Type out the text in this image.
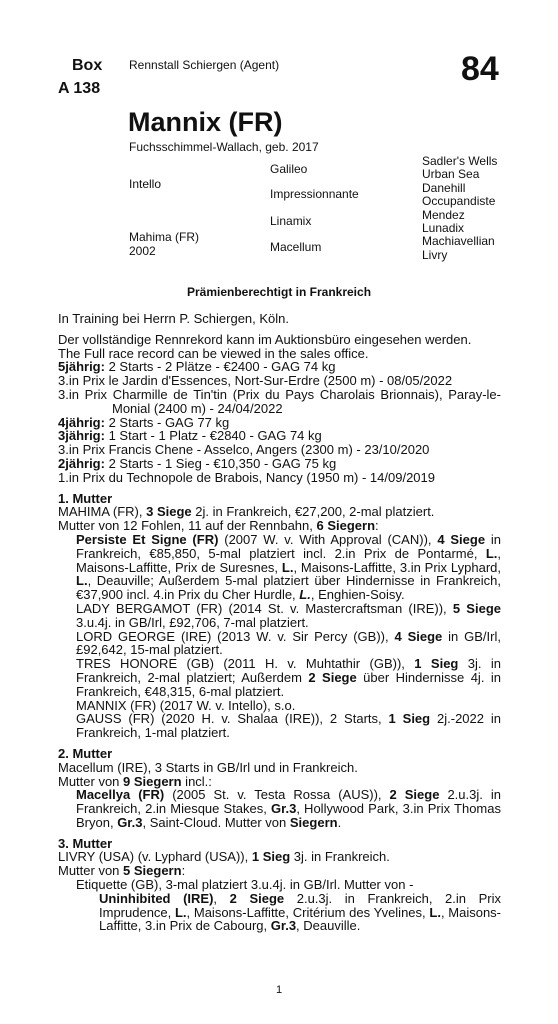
Box
A 138
Rennstall Schiergen (Agent)	84
Mannix (FR)
Fuchsschimmel-Wallach, geb. 2017
Intello
Mahima (FR)
2002
Galileo
Impressionnante
Linamix
Macellum
Sadler's Wells
Urban Sea
Danehill
Occupandiste
Mendez
Lunadix
Machiavellian
Livry
Prämienberechtigt in Frankreich

In Training bei Herrn P. Schiergen, Köln.

Der vollständige Rennrekord kann im Auktionsbüro eingesehen werden.

The Full race record can be viewed in the sales office.

5jährig: 2 Starts - 2 Plätze - €2400 - GAG 74 kg

3.in Prix le Jardin d'Essences, Nort-Sur-Erdre (2500 m) - 08/05/2022

3.in Prix Charmille de Tin'tin (Prix du Pays Charolais Brionnais), Paray-le-Monial (2400 m) - 24/04/2022

4jährig: 2 Starts - GAG 77 kg

3jährig: 1 Start - 1 Platz - €2840 - GAG 74 kg

3.in Prix Francis Chene - Asselco, Angers (2300 m) - 23/10/2020

2jährig: 2 Starts - 1 Sieg - €10,350 - GAG 75 kg

1.in Prix du Technopole de Brabois, Nancy (1950 m) - 14/09/2019

1. Mutter

MAHIMA (FR), 3 Siege 2j. in Frankreich, €27,200, 2-mal platziert.

Mutter von 12 Fohlen, 11 auf der Rennbahn, 6 Siegern:

Persiste Et Signe (FR) (2007 W. v. With Approval (CAN)), 4 Siege in Frankreich, €85,850, 5-mal platziert incl. 2.in Prix de Pontarmé, L., Maisons-Laffitte, Prix de Suresnes, L., Maisons-Laffitte, 3.in Prix Lyphard, L., Deauville; Außerdem 5-mal platziert über Hindernisse in Frankreich, €37,900 incl. 4.in Prix du Cher Hurdle, L., Enghien-Soisy.

LADY BERGAMOT (FR) (2014 St. v. Mastercraftsman (IRE)), 5 Siege 3.u.4j. in GB/Irl, £92,706, 7-mal platziert.

LORD GEORGE (IRE) (2013 W. v. Sir Percy (GB)), 4 Siege in GB/Irl, £92,642, 15-mal platziert.

TRES HONORE (GB) (2011 H. v. Muhtathir (GB)), 1 Sieg 3j. in Frankreich, 2-mal platziert; Außerdem 2 Siege über Hindernisse 4j. in Frankreich, €48,315, 6-mal platziert.

MANNIX (FR) (2017 W. v. Intello), s.o.

GAUSS (FR) (2020 H. v. Shalaa (IRE)), 2 Starts, 1 Sieg 2j.-2022 in Frankreich, 1-mal platziert.

2. Mutter

Macellum (IRE), 3 Starts in GB/Irl und in Frankreich.

Mutter von 9 Siegern incl.:

Macellya (FR) (2005 St. v. Testa Rossa (AUS)), 2 Siege 2.u.3j. in Frankreich, 2.in Miesque Stakes, Gr.3, Hollywood Park, 3.in Prix Thomas Bryon, Gr.3, Saint-Cloud. Mutter von Siegern.

3. Mutter

LIVRY (USA) (v. Lyphard (USA)), 1 Sieg 3j. in Frankreich.

Mutter von 5 Siegern:

Etiquette (GB), 3-mal platziert 3.u.4j. in GB/Irl. Mutter von -

Uninhibited (IRE), 2 Siege 2.u.3j. in Frankreich, 2.in Prix Imprudence, L., Maisons-Laffitte, Critérium des Yvelines, L., Maisons-Laffitte, 3.in Prix de Cabourg, Gr.3, Deauville.

1
